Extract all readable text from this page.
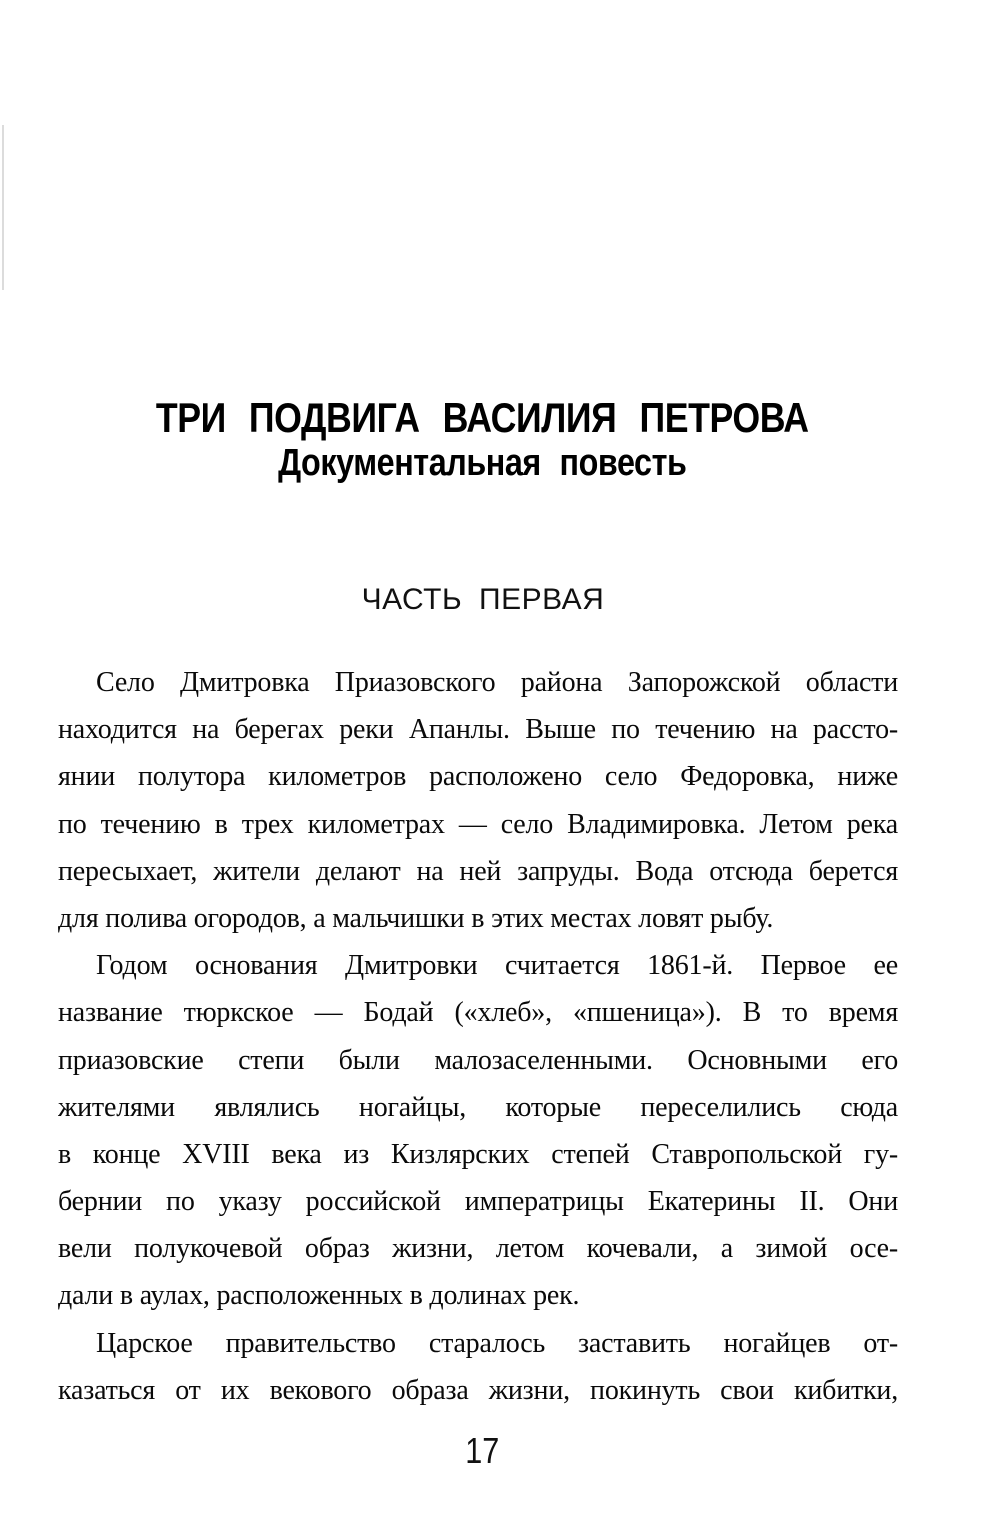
ТРИ ПОДВИГА ВАСИЛИЯ ПЕТРОВА
Документальная повесть
ЧАСТЬ ПЕРВАЯ
Село Дмитровка Приазовского района Запорожской области
находится на берегах реки Апанлы. Выше по течению на рассто-
янии полутора километров расположено село Федоровка, ниже
по течению в трех километрах — село Владимировка. Летом река
пересыхает, жители делают на ней запруды. Вода отсюда берется
для полива огородов, а мальчишки в этих местах ловят рыбу.
Годом основания Дмитровки считается 1861-й. Первое ее
название тюркское — Бодай («хлеб», «пшеница»). В то время
приазовские степи были малозаселенными. Основными его
жителями являлись ногайцы, которые переселились сюда
в конце XVIII века из Кизлярских степей Ставропольской гу-
бернии по указу российской императрицы Екатерины II. Они
вели полукочевой образ жизни, летом кочевали, а зимой осе-
дали в аулах, расположенных в долинах рек.
Царское правительство старалось заставить ногайцев от-
казаться от их векового образа жизни, покинуть свои кибитки,
17
